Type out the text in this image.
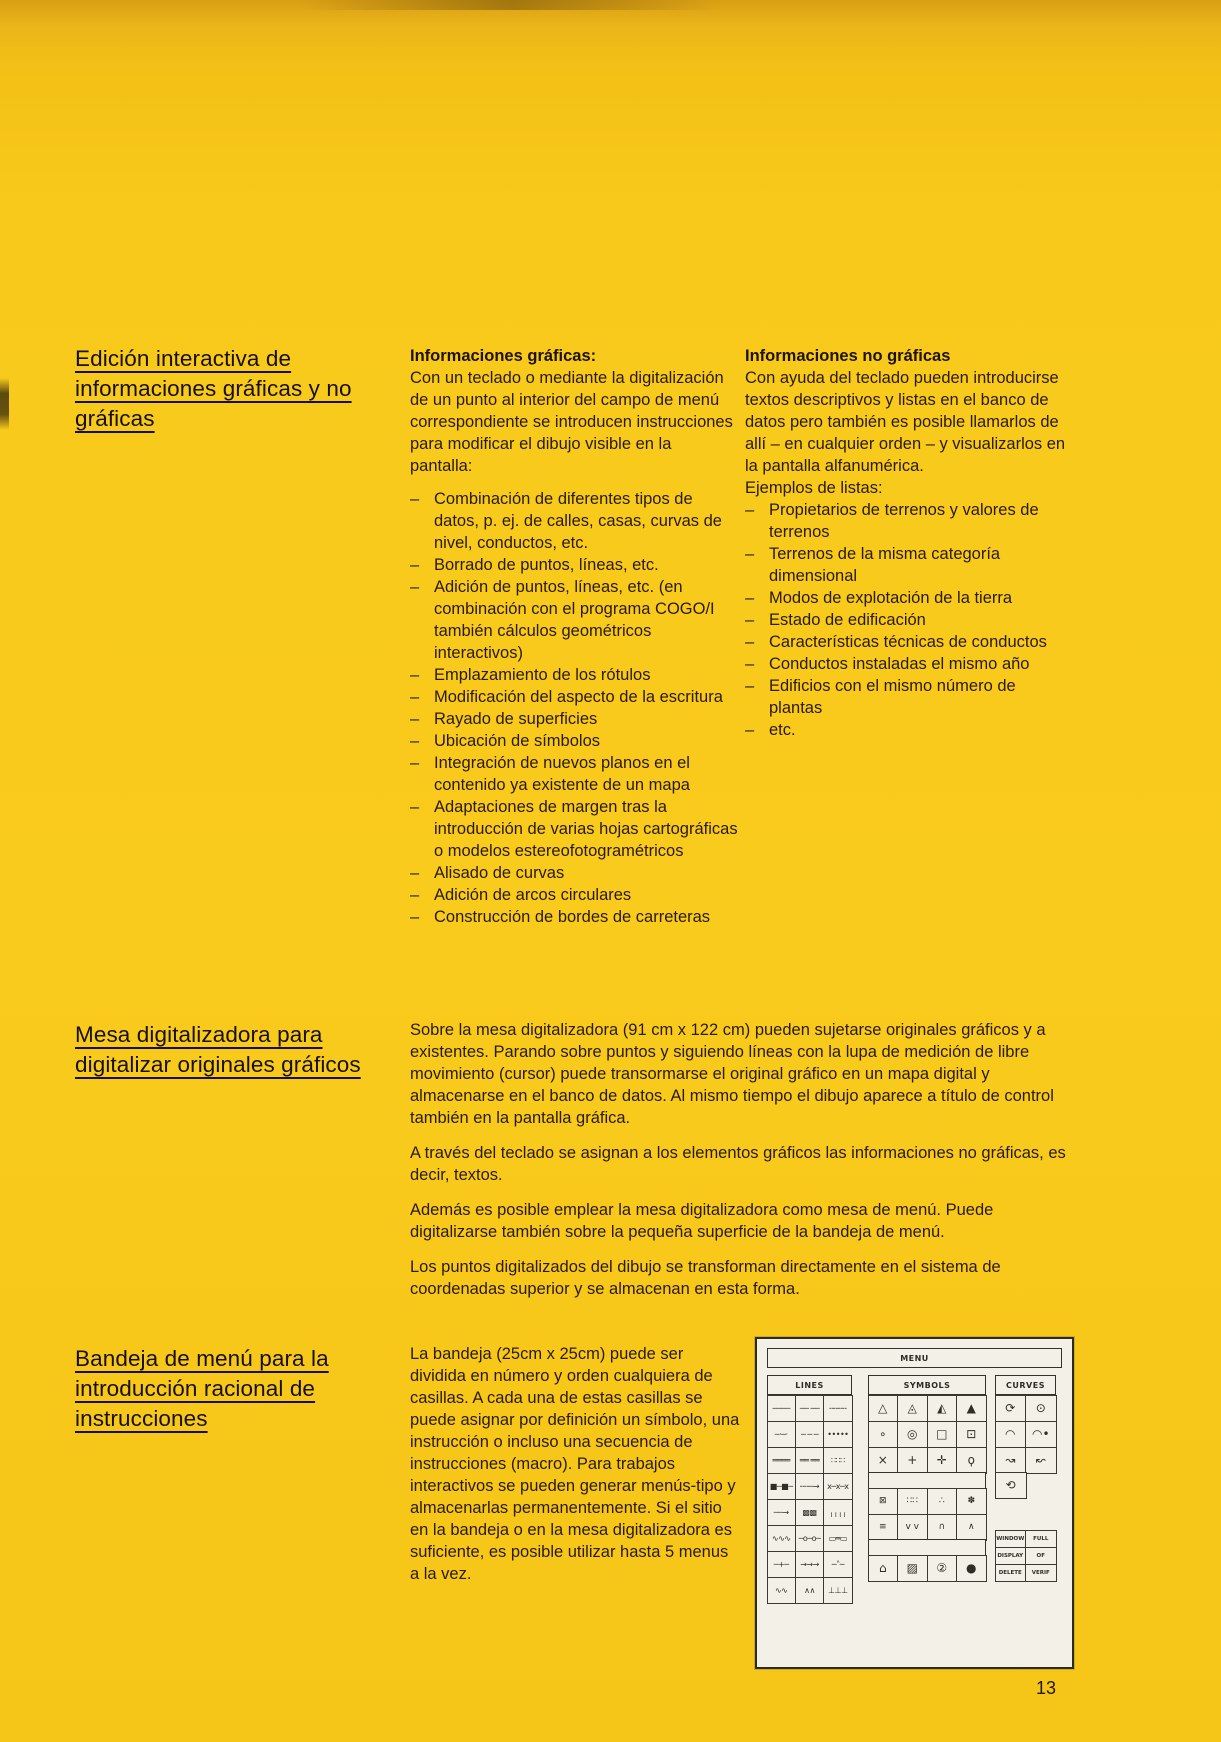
Edición interactiva de informaciones gráficas y no gráficas
Informaciones gráficas:
Con un teclado o mediante la digitalización de un punto al interior del campo de menú correspondiente se introducen instrucciones para modificar el dibujo visible en la pantalla:
– Combinación de diferentes tipos de datos, p. ej. de calles, casas, curvas de nivel, conductos, etc.
– Borrado de puntos, líneas, etc.
– Adición de puntos, líneas, etc. (en combinación con el programa COGO/I también cálculos geométricos interactivos)
– Emplazamiento de los rótulos
– Modificación del aspecto de la escritura
– Rayado de superficies
– Ubicación de símbolos
– Integración de nuevos planos en el contenido ya existente de un mapa
– Adaptaciones de margen tras la introducción de varias hojas cartográficas o modelos estereofotogramétricos
– Alisado de curvas
– Adición de arcos circulares
– Construcción de bordes de carreteras
Informaciones no gráficas
Con ayuda del teclado pueden introducirse textos descriptivos y listas en el banco de datos pero también es posible llamarlos de allí – en cualquier orden – y visualizarlos en la pantalla alfanumérica.
Ejemplos de listas:
– Propietarios de terrenos y valores de terrenos
– Terrenos de la misma categoría dimensional
– Modos de explotación de la tierra
– Estado de edificación
– Características técnicas de conductos
– Conductos instaladas el mismo año
– Edificios con el mismo número de plantas
– etc.
Mesa digitalizadora para digitalizar originales gráficos

Sobre la mesa digitalizadora (91 cm x 122 cm) pueden sujetarse originales gráficos y a existentes. Parando sobre puntos y siguiendo líneas con la lupa de medición de libre movimiento (cursor) puede transormarse el original gráfico en un mapa digital y almacenarse en el banco de datos. Al mismo tiempo el dibujo aparece a título de control también en la pantalla gráfica.

A través del teclado se asignan a los elementos gráficos las informaciones no gráficas, es decir, textos.

Además es posible emplear la mesa digitalizadora como mesa de menú. Puede digitalizarse también sobre la pequeña superficie de la bandeja de menú.

Los puntos digitalizados del dibujo se transforman directamente en el sistema de coordenadas superior y se almacenan en esta forma.

Bandeja de menú para la introducción racional de instrucciones

La bandeja (25cm x 25cm) puede ser dividida en número y orden cualquiera de casillas. A cada una de estas casillas se puede asignar por definición un símbolo, una instrucción o incluso una secuencia de instrucciones (macro). Para trabajos interactivos se pueden generar menús-tipo y almacenarlas permanentemente. Si el sitio en la bandeja o en la mesa digitalizadora es suficiente, es posible utilizar hasta 5 menus a la vez.

MENU
LINES
────	── ──	╌╌╌╌
─·─·	─ ─ ─	•••••
════	══ ══	∷∷∷
■─■─ ╌╌─→	x─x─x
──→	▩▩	╷╷╷╷
∿∿∿	─o─o─	▭═▭
─+─	→→→	─˄─
∿∿	∧∧	⊥⊥⊥
SYMBOLS
△	◬	◭	▲
∘	◎	□	⊡
×	+	✛	ϙ
⊠	∷∷	∴	✽
≡	v v	∩	∧
⌂	▨	②	●
CURVES
⟳	⊙
◠	◠•
↝	↜
⟲
WINDOW	FULL
DISPLAY	OF
DELETE	VERIF
13
